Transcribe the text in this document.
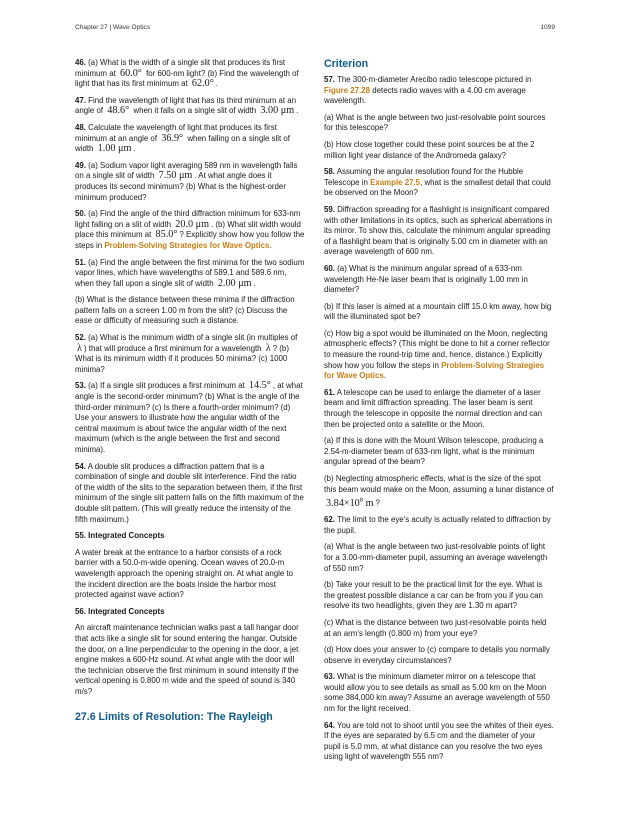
Chapter 27 | Wave Optics	1099

46. (a) What is the width of a single slit that produces its first minimum at 60.0° for 600-nm light? (b) Find the wavelength of light that has its first minimum at 62.0° .

47. Find the wavelength of light that has its third minimum at an angle of 48.6° when it falls on a single slit of width 3.00 μm .

48. Calculate the wavelength of light that produces its first minimum at an angle of 36.9° when falling on a single slit of width 1.00 μm .

49. (a) Sodium vapor light averaging 589 nm in wavelength falls on a single slit of width 7.50 μm . At what angle does it produces its second minimum? (b) What is the highest-order minimum produced?

50. (a) Find the angle of the third diffraction minimum for 633-nm light falling on a slit of width 20.0 μm . (b) What slit width would place this minimum at 85.0° ? Explicitly show how you follow the steps in Problem-Solving Strategies for Wave Optics.

51. (a) Find the angle between the first minima for the two sodium vapor lines, which have wavelengths of 589.1 and 589.6 nm, when they fall upon a single slit of width 2.00 μm .

(b) What is the distance between these minima if the diffraction pattern falls on a screen 1.00 m from the slit? (c) Discuss the ease or difficulty of measuring such a distance.

52. (a) What is the minimum width of a single slit (in multiples of λ ) that will produce a first minimum for a wavelength λ ? (b) What is its minimum width if it produces 50 minima? (c) 1000 minima?

53. (a) If a single slit produces a first minimum at 14.5° , at what angle is the second-order minimum? (b) What is the angle of the third-order minimum? (c) Is there a fourth-order minimum? (d) Use your answers to illustrate how the angular width of the central maximum is about twice the angular width of the next maximum (which is the angle between the first and second minima).

54. A double slit produces a diffraction pattern that is a combination of single and double slit interference. Find the ratio of the width of the slits to the separation between them, if the first minimum of the single slit pattern falls on the fifth maximum of the double slit pattern. (This will greatly reduce the intensity of the fifth maximum.)

55. Integrated Concepts

A water break at the entrance to a harbor consists of a rock barrier with a 50.0-m-wide opening. Ocean waves of 20.0-m wavelength approach the opening straight on. At what angle to the incident direction are the boats inside the harbor most protected against wave action?

56. Integrated Concepts

An aircraft maintenance technician walks past a tall hangar door that acts like a single slit for sound entering the hangar. Outside the door, on a line perpendicular to the opening in the door, a jet engine makes a 600-Hz sound. At what angle with the door will the technician observe the first minimum in sound intensity if the vertical opening is 0.800 m wide and the speed of sound is 340 m/s?

27.6 Limits of Resolution: The Rayleigh
Criterion

57. The 300-m-diameter Arecibo radio telescope pictured in Figure 27.28 detects radio waves with a 4.00 cm average wavelength.

(a) What is the angle between two just-resolvable point sources for this telescope?

(b) How close together could these point sources be at the 2 million light year distance of the Andromeda galaxy?

58. Assuming the angular resolution found for the Hubble Telescope in Example 27.5, what is the smallest detail that could be observed on the Moon?

59. Diffraction spreading for a flashlight is insignificant compared with other limitations in its optics, such as spherical aberrations in its mirror. To show this, calculate the minimum angular spreading of a flashlight beam that is originally 5.00 cm in diameter with an average wavelength of 600 nm.

60. (a) What is the minimum angular spread of a 633-nm wavelength He-Ne laser beam that is originally 1.00 mm in diameter?

(b) If this laser is aimed at a mountain cliff 15.0 km away, how big will the illuminated spot be?

(c) How big a spot would be illuminated on the Moon, neglecting atmospheric effects? (This might be done to hit a corner reflector to measure the round-trip time and, hence, distance.) Explicitly show how you follow the steps in Problem-Solving Strategies for Wave Optics.

61. A telescope can be used to enlarge the diameter of a laser beam and limit diffraction spreading. The laser beam is sent through the telescope in opposite the normal direction and can then be projected onto a satellite or the Moon.

(a) If this is done with the Mount Wilson telescope, producing a 2.54-m-diameter beam of 633-nm light, what is the minimum angular spread of the beam?

(b) Neglecting atmospheric effects, what is the size of the spot this beam would make on the Moon, assuming a lunar distance of $3.84\times 10^8$ m ?

62. The limit to the eye's acuity is actually related to diffraction by the pupil.

(a) What is the angle between two just-resolvable points of light for a 3.00-mm-diameter pupil, assuming an average wavelength of 550 nm?

(b) Take your result to be the practical limit for the eye. What is the greatest possible distance a car can be from you if you can resolve its two headlights, given they are 1.30 m apart?

(c) What is the distance between two just-resolvable points held at an arm's length (0.800 m) from your eye?

(d) How does your answer to (c) compare to details you normally observe in everyday circumstances?

63. What is the minimum diameter mirror on a telescope that would allow you to see details as small as 5.00 km on the Moon some 384,000 km away? Assume an average wavelength of 550 nm for the light received.

64. You are told not to shoot until you see the whites of their eyes. If the eyes are separated by 6.5 cm and the diameter of your pupil is 5.0 mm, at what distance can you resolve the two eyes using light of wavelength 555 nm?
